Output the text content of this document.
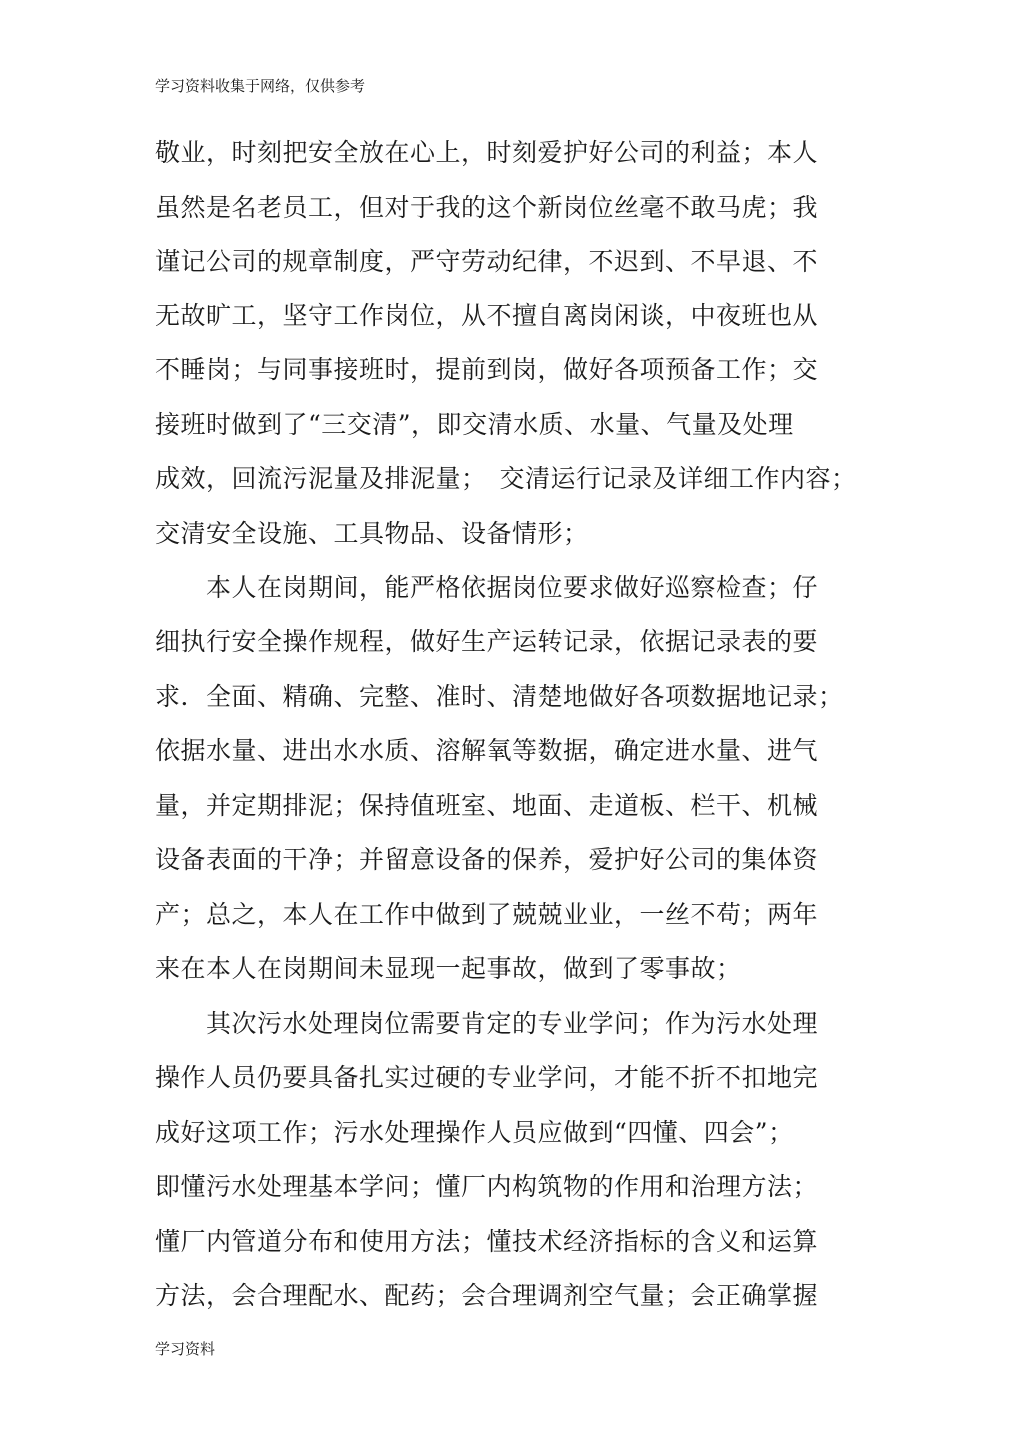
学习资料收集于网络，仅供参考
敬业，时刻把安全放在心上，时刻爱护好公司的利益；本人
虽然是名老员工，但对于我的这个新岗位丝毫不敢马虎；我
谨记公司的规章制度，严守劳动纪律，不迟到、不早退、不
无故旷工，坚守工作岗位，从不擅自离岗闲谈，中夜班也从
不睡岗；与同事接班时，提前到岗，做好各项预备工作；交
接班时做到了“三交清”，即交清水质、水量、气量及处理
成效，回流污泥量及排泥量；　交清运行记录及详细工作内容；
交清安全设施、工具物品、设备情形；
　　本人在岗期间，能严格依据岗位要求做好巡察检查；仔
细执行安全操作规程，做好生产运转记录，依据记录表的要
求．全面、精确、完整、准时、清楚地做好各项数据地记录；
依据水量、进出水水质、溶解氧等数据，确定进水量、进气
量，并定期排泥；保持值班室、地面、走道板、栏干、机械
设备表面的干净；并留意设备的保养，爱护好公司的集体资
产；总之，本人在工作中做到了兢兢业业，一丝不苟；两年
来在本人在岗期间未显现一起事故，做到了零事故；
　　其次污水处理岗位需要肯定的专业学问；作为污水处理
操作人员仍要具备扎实过硬的专业学问，才能不折不扣地完
成好这项工作；污水处理操作人员应做到“四懂、四会”；
即懂污水处理基本学问；懂厂内构筑物的作用和治理方法；
懂厂内管道分布和使用方法；懂技术经济指标的含义和运算
方法，会合理配水、配药；会合理调剂空气量；会正确掌握
学习资料
